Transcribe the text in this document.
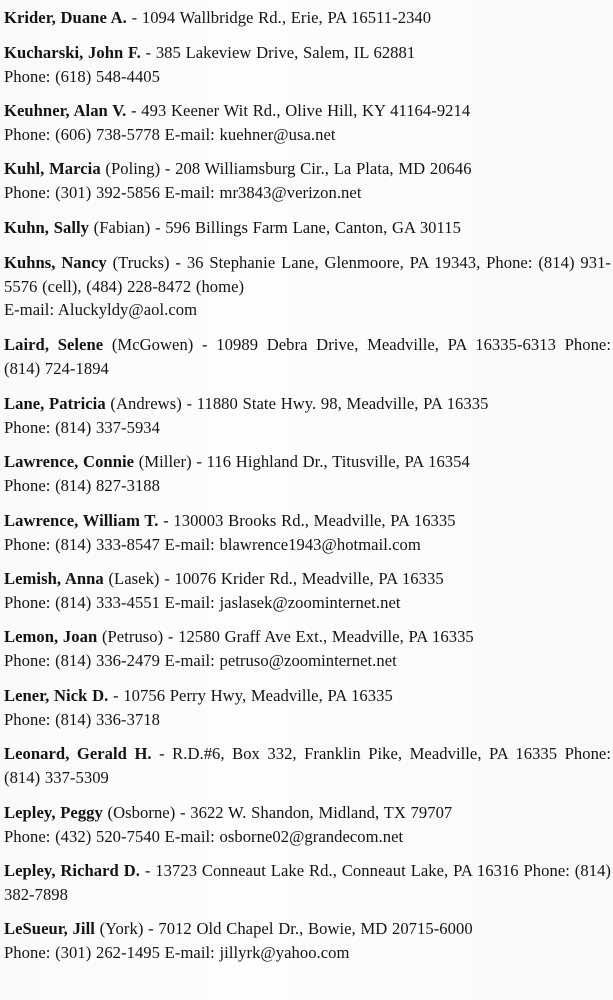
Krider, Duane A. - 1094 Wallbridge Rd., Erie, PA 16511-2340
Kucharski, John F. - 385 Lakeview Drive, Salem, IL 62881
Phone: (618) 548-4405
Keuhner, Alan V. - 493 Keener Wit Rd., Olive Hill, KY 41164-9214
Phone: (606) 738-5778 E-mail: kuehner@usa.net
Kuhl, Marcia (Poling) - 208 Williamsburg Cir., La Plata, MD 20646
Phone: (301) 392-5856 E-mail: mr3843@verizon.net
Kuhn, Sally (Fabian) - 596 Billings Farm Lane, Canton, GA 30115
Kuhns, Nancy (Trucks) - 36 Stephanie Lane, Glenmoore, PA 19343, Phone: (814) 931-5576 (cell), (484) 228-8472 (home)
E-mail: Aluckyldy@aol.com
Laird, Selene (McGowen) - 10989 Debra Drive, Meadville, PA 16335-6313 Phone: (814) 724-1894
Lane, Patricia (Andrews) - 11880 State Hwy. 98, Meadville, PA 16335
Phone: (814) 337-5934
Lawrence, Connie (Miller) - 116 Highland Dr., Titusville, PA 16354
Phone: (814) 827-3188
Lawrence, William T. - 130003 Brooks Rd., Meadville, PA 16335
Phone: (814) 333-8547 E-mail: blawrence1943@hotmail.com
Lemish, Anna (Lasek) - 10076 Krider Rd., Meadville, PA 16335
Phone: (814) 333-4551 E-mail: jaslasek@zoominternet.net
Lemon, Joan (Petruso) - 12580 Graff Ave Ext., Meadville, PA 16335
Phone: (814) 336-2479 E-mail: petruso@zoominternet.net
Lener, Nick D. - 10756 Perry Hwy, Meadville, PA 16335
Phone: (814) 336-3718
Leonard, Gerald H. - R.D.#6, Box 332, Franklin Pike, Meadville, PA 16335 Phone: (814) 337-5309
Lepley, Peggy (Osborne) - 3622 W. Shandon, Midland, TX 79707
Phone: (432) 520-7540 E-mail: osborne02@grandecom.net
Lepley, Richard D. - 13723 Conneaut Lake Rd., Conneaut Lake, PA 16316 Phone: (814) 382-7898
LeSueur, Jill (York) - 7012 Old Chapel Dr., Bowie, MD 20715-6000
Phone: (301) 262-1495 E-mail: jillyrk@yahoo.com
